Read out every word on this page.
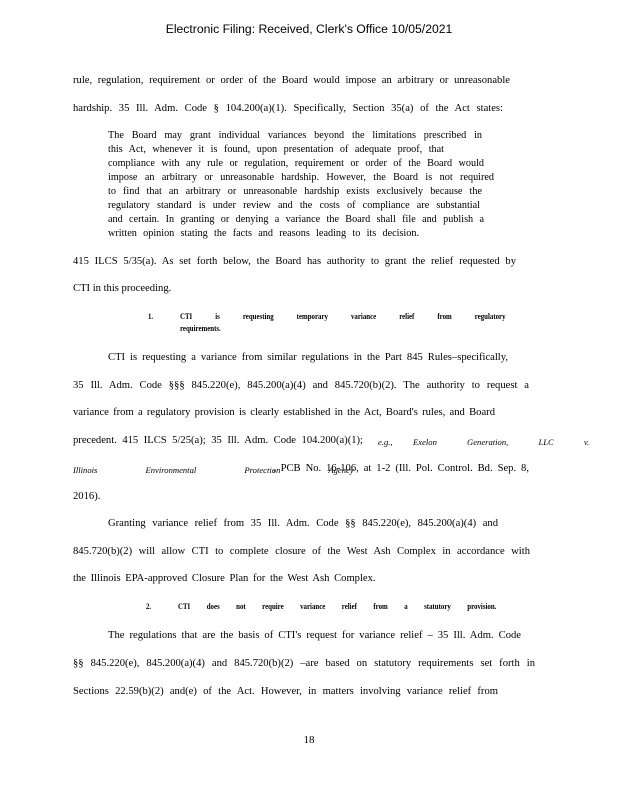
Electronic Filing: Received, Clerk's Office 10/05/2021
rule, regulation, requirement or order of the Board would impose an arbitrary or unreasonable
hardship. 35 Ill. Adm. Code § 104.200(a)(1). Specifically, Section 35(a) of the Act states:
The Board may grant individual variances beyond the limitations prescribed in
this Act, whenever it is found, upon presentation of adequate proof, that
compliance with any rule or regulation, requirement or order of the Board would
impose an arbitrary or unreasonable hardship. However, the Board is not required
to find that an arbitrary or unreasonable hardship exists exclusively because the
regulatory standard is under review and the costs of compliance are substantial
and certain. In granting or denying a variance the Board shall file and publish a
written opinion stating the facts and reasons leading to its decision.
415 ILCS 5/35(a). As set forth below, the Board has authority to grant the relief requested by
CTI in this proceeding.
1.	CTI is requesting temporary variance relief from regulatory
requirements.
CTI is requesting a variance from similar regulations in the Part 845 Rules–specifically,
35 Ill. Adm. Code §§§ 845.220(e), 845.200(a)(4) and 845.720(b)(2). The authority to request a
variance from a regulatory provision is clearly established in the Act, Board's rules, and Board
precedent. 415 ILCS 5/25(a); 35 Ill. Adm. Code 104.200(a)(1); e.g., Exelon Generation, LLC v.
Illinois Environmental Protection Agency
, PCB No. 16-106, at 1-2 (Ill. Pol. Control. Bd. Sep. 8,
2016).
Granting variance relief from 35 Ill. Adm. Code §§ 845.220(e), 845.200(a)(4) and
845.720(b)(2) will allow CTI to complete closure of the West Ash Complex in accordance with
the Illinois EPA-approved Closure Plan for the West Ash Complex.
2.	CTI does not require variance relief from a statutory provision.
The regulations that are the basis of CTI's request for variance relief – 35 Ill. Adm. Code
§§ 845.220(e), 845.200(a)(4) and 845.720(b)(2) –are based on statutory requirements set forth in
Sections 22.59(b)(2) and(e) of the Act. However, in matters involving variance relief from
18
